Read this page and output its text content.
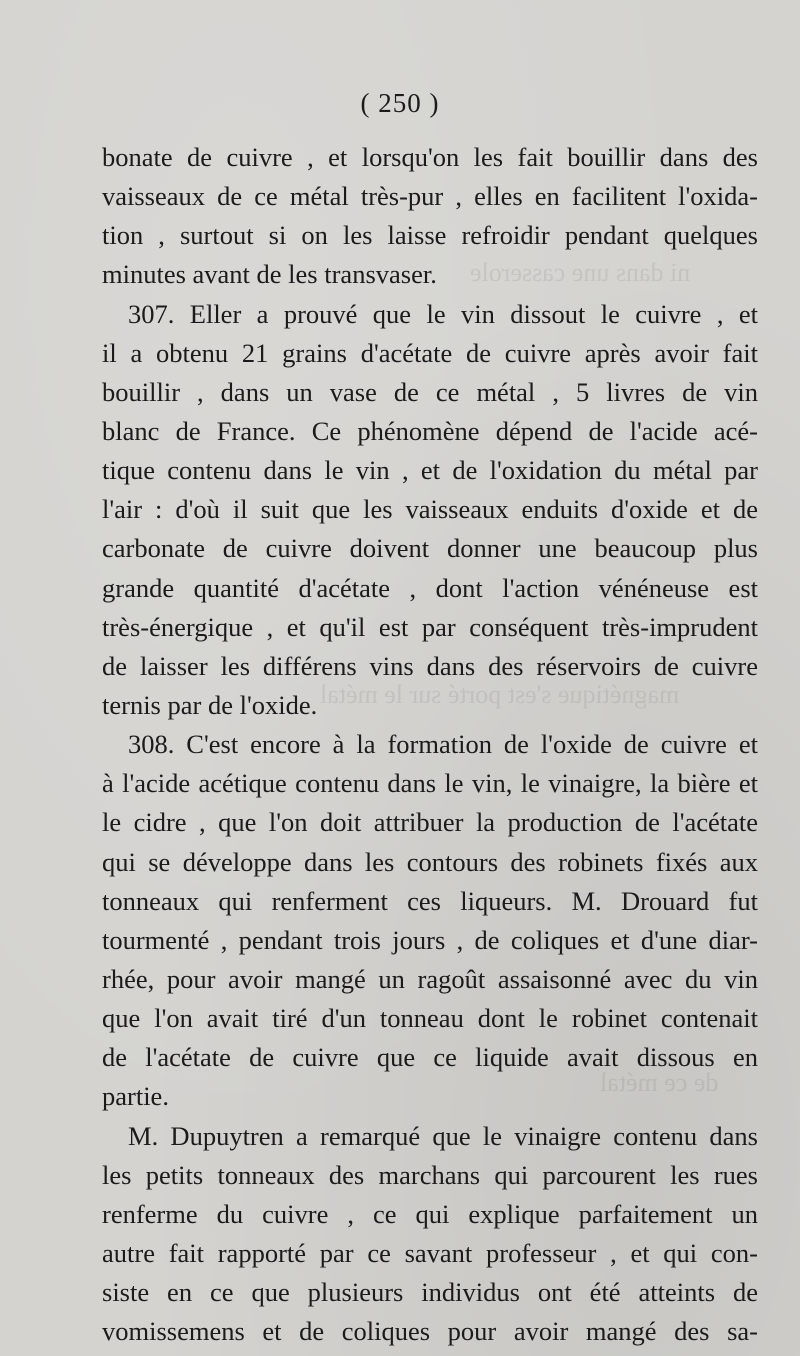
ni dans une casserole
magnétique s'est porté sur le métal
de ce métal
( 250 )
bonate de cuivre , et lorsqu'on les fait bouillir dans des
vaisseaux de ce métal très-pur , elles en facilitent l'oxida-
tion , surtout si on les laisse refroidir pendant quelques
minutes avant de les transvaser.
307. Eller a prouvé que le vin dissout le cuivre , et
il a obtenu 21 grains d'acétate de cuivre après avoir fait
bouillir , dans un vase de ce métal , 5 livres de vin
blanc de France. Ce phénomène dépend de l'acide acé-
tique contenu dans le vin , et de l'oxidation du métal par
l'air : d'où il suit que les vaisseaux enduits d'oxide et de
carbonate de cuivre doivent donner une beaucoup plus
grande quantité d'acétate , dont l'action vénéneuse est
très-énergique , et qu'il est par conséquent très-imprudent
de laisser les différens vins dans des réservoirs de cuivre
ternis par de l'oxide.
308. C'est encore à la formation de l'oxide de cuivre et
à l'acide acétique contenu dans le vin, le vinaigre, la bière et
le cidre , que l'on doit attribuer la production de l'acétate
qui se développe dans les contours des robinets fixés aux
tonneaux qui renferment ces liqueurs. M. Drouard fut
tourmenté , pendant trois jours , de coliques et d'une diar-
rhée, pour avoir mangé un ragoût assaisonné avec du vin
que l'on avait tiré d'un tonneau dont le robinet contenait
de l'acétate de cuivre que ce liquide avait dissous en
partie.
M. Dupuytren a remarqué que le vinaigre contenu dans
les petits tonneaux des marchans qui parcourent les rues
renferme du cuivre , ce qui explique parfaitement un
autre fait rapporté par ce savant professeur , et qui con-
siste en ce que plusieurs individus ont été atteints de
vomissemens et de coliques pour avoir mangé des sa-
